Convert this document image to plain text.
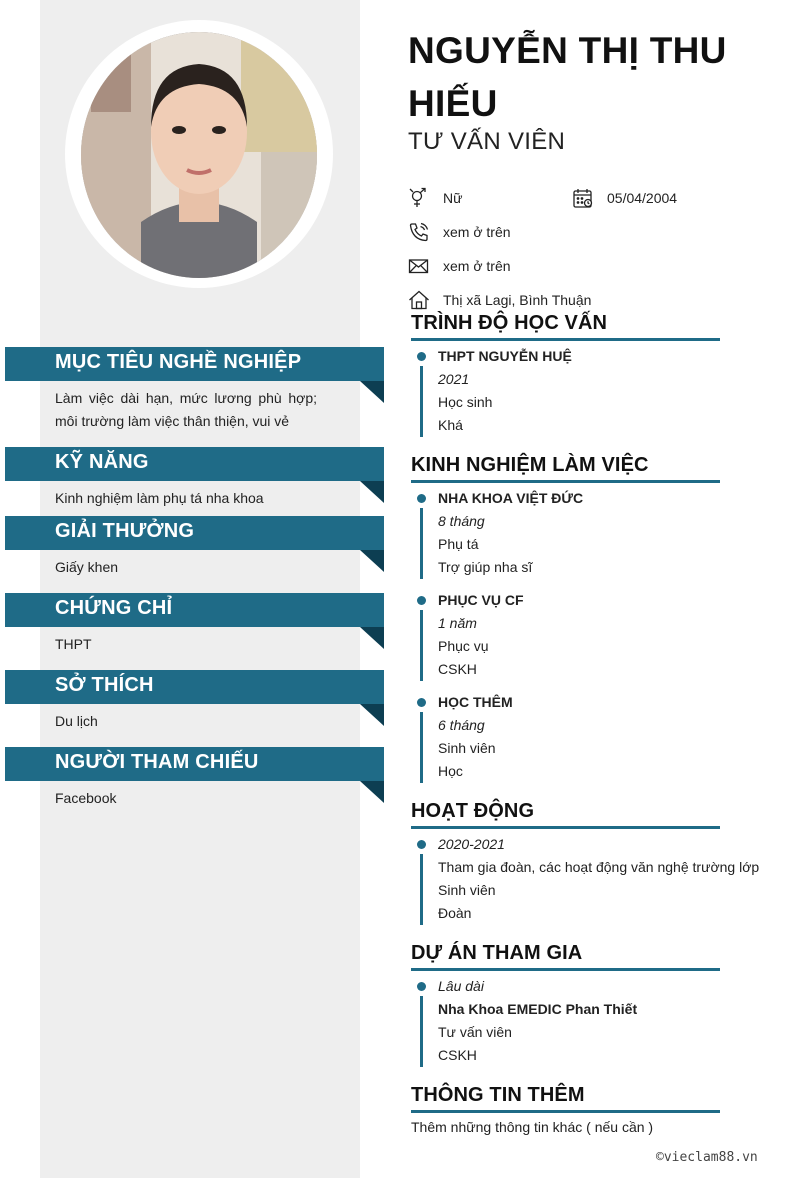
MỤC TIÊU NGHỀ NGHIỆP
Làm việc dài hạn, mức lương phù hợp; môi trường làm việc thân thiện, vui vẻ
KỸ NĂNG
Kinh nghiệm làm phụ tá nha khoa
GIẢI THƯỞNG
Giấy khen
CHỨNG CHỈ
THPT
SỞ THÍCH
Du lịch
NGƯỜI THAM CHIẾU
Facebook
NGUYỄN THỊ THU HIẾU
TƯ VẤN VIÊN
Nữ	05/04/2004
xem ở trên
xem ở trên
Thị xã Lagi, Bình Thuận
TRÌNH ĐỘ HỌC VẤN
THPT NGUYỄN HUỆ
2021
Học sinh
Khá
KINH NGHIỆM LÀM VIỆC
NHA KHOA VIỆT ĐỨC
8 tháng
Phụ tá
Trợ giúp nha sĩ
PHỤC VỤ CF
1 năm
Phục vụ
CSKH
HỌC THÊM
6 tháng
Sinh viên
Học
HOẠT ĐỘNG
2020-2021
Tham gia đoàn, các hoạt động văn nghệ trường lớp
Sinh viên
Đoàn
DỰ ÁN THAM GIA
Lâu dài
Nha Khoa EMEDIC Phan Thiết
Tư vấn viên
CSKH
THÔNG TIN THÊM
Thêm những thông tin khác ( nếu cần )
©vieclam88.vn
